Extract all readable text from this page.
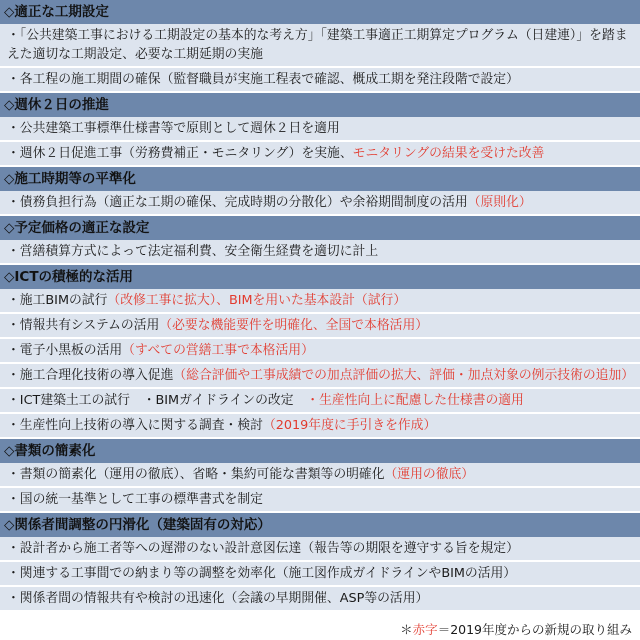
◇適正な工期設定
・「公共建築工事における工期設定の基本的な考え方」「建築工事適正工期算定プログラム（日建連）」を踏まえた適切な工期設定、必要な工期延期の実施
・各工程の施工期間の確保（監督職員が実施工程表で確認、概成工期を発注段階で設定）
◇週休２日の推進
・公共建築工事標準仕様書等で原則として週休２日を適用
・週休２日促進工事（労務費補正・モニタリング）を実施、モニタリングの結果を受けた改善
◇施工時期等の平準化
・債務負担行為（適正な工期の確保、完成時期の分散化）や余裕期間制度の活用（原則化）
◇予定価格の適正な設定
・営繕積算方式によって法定福利費、安全衛生経費を適切に計上
◇ICTの積極的な活用
・施工BIMの試行（改修工事に拡大）、BIMを用いた基本設計（試行）
・情報共有システムの活用（必要な機能要件を明確化、全国で本格活用）
・電子小黒板の活用（すべての営繕工事で本格活用）
・施工合理化技術の導入促進（総合評価や工事成績での加点評価の拡大、評価・加点対象の例示技術の追加）
・ICT建築土工の試行　・BIMガイドラインの改定　・生産性向上に配慮した仕様書の適用
・生産性向上技術の導入に関する調査・検討（2019年度に手引きを作成）
◇書類の簡素化
・書類の簡素化（運用の徹底）、省略・集約可能な書類等の明確化（運用の徹底）
・国の統一基準として工事の標準書式を制定
◇関係者間調整の円滑化（建築固有の対応）
・設計者から施工者等への遅滞のない設計意図伝達（報告等の期限を遵守する旨を規定）
・関連する工事間での納まり等の調整を効率化（施工図作成ガイドラインやBIMの活用）
・関係者間の情報共有や検討の迅速化（会議の早期開催、ASP等の活用）
＊赤字＝2019年度からの新規の取り組み
